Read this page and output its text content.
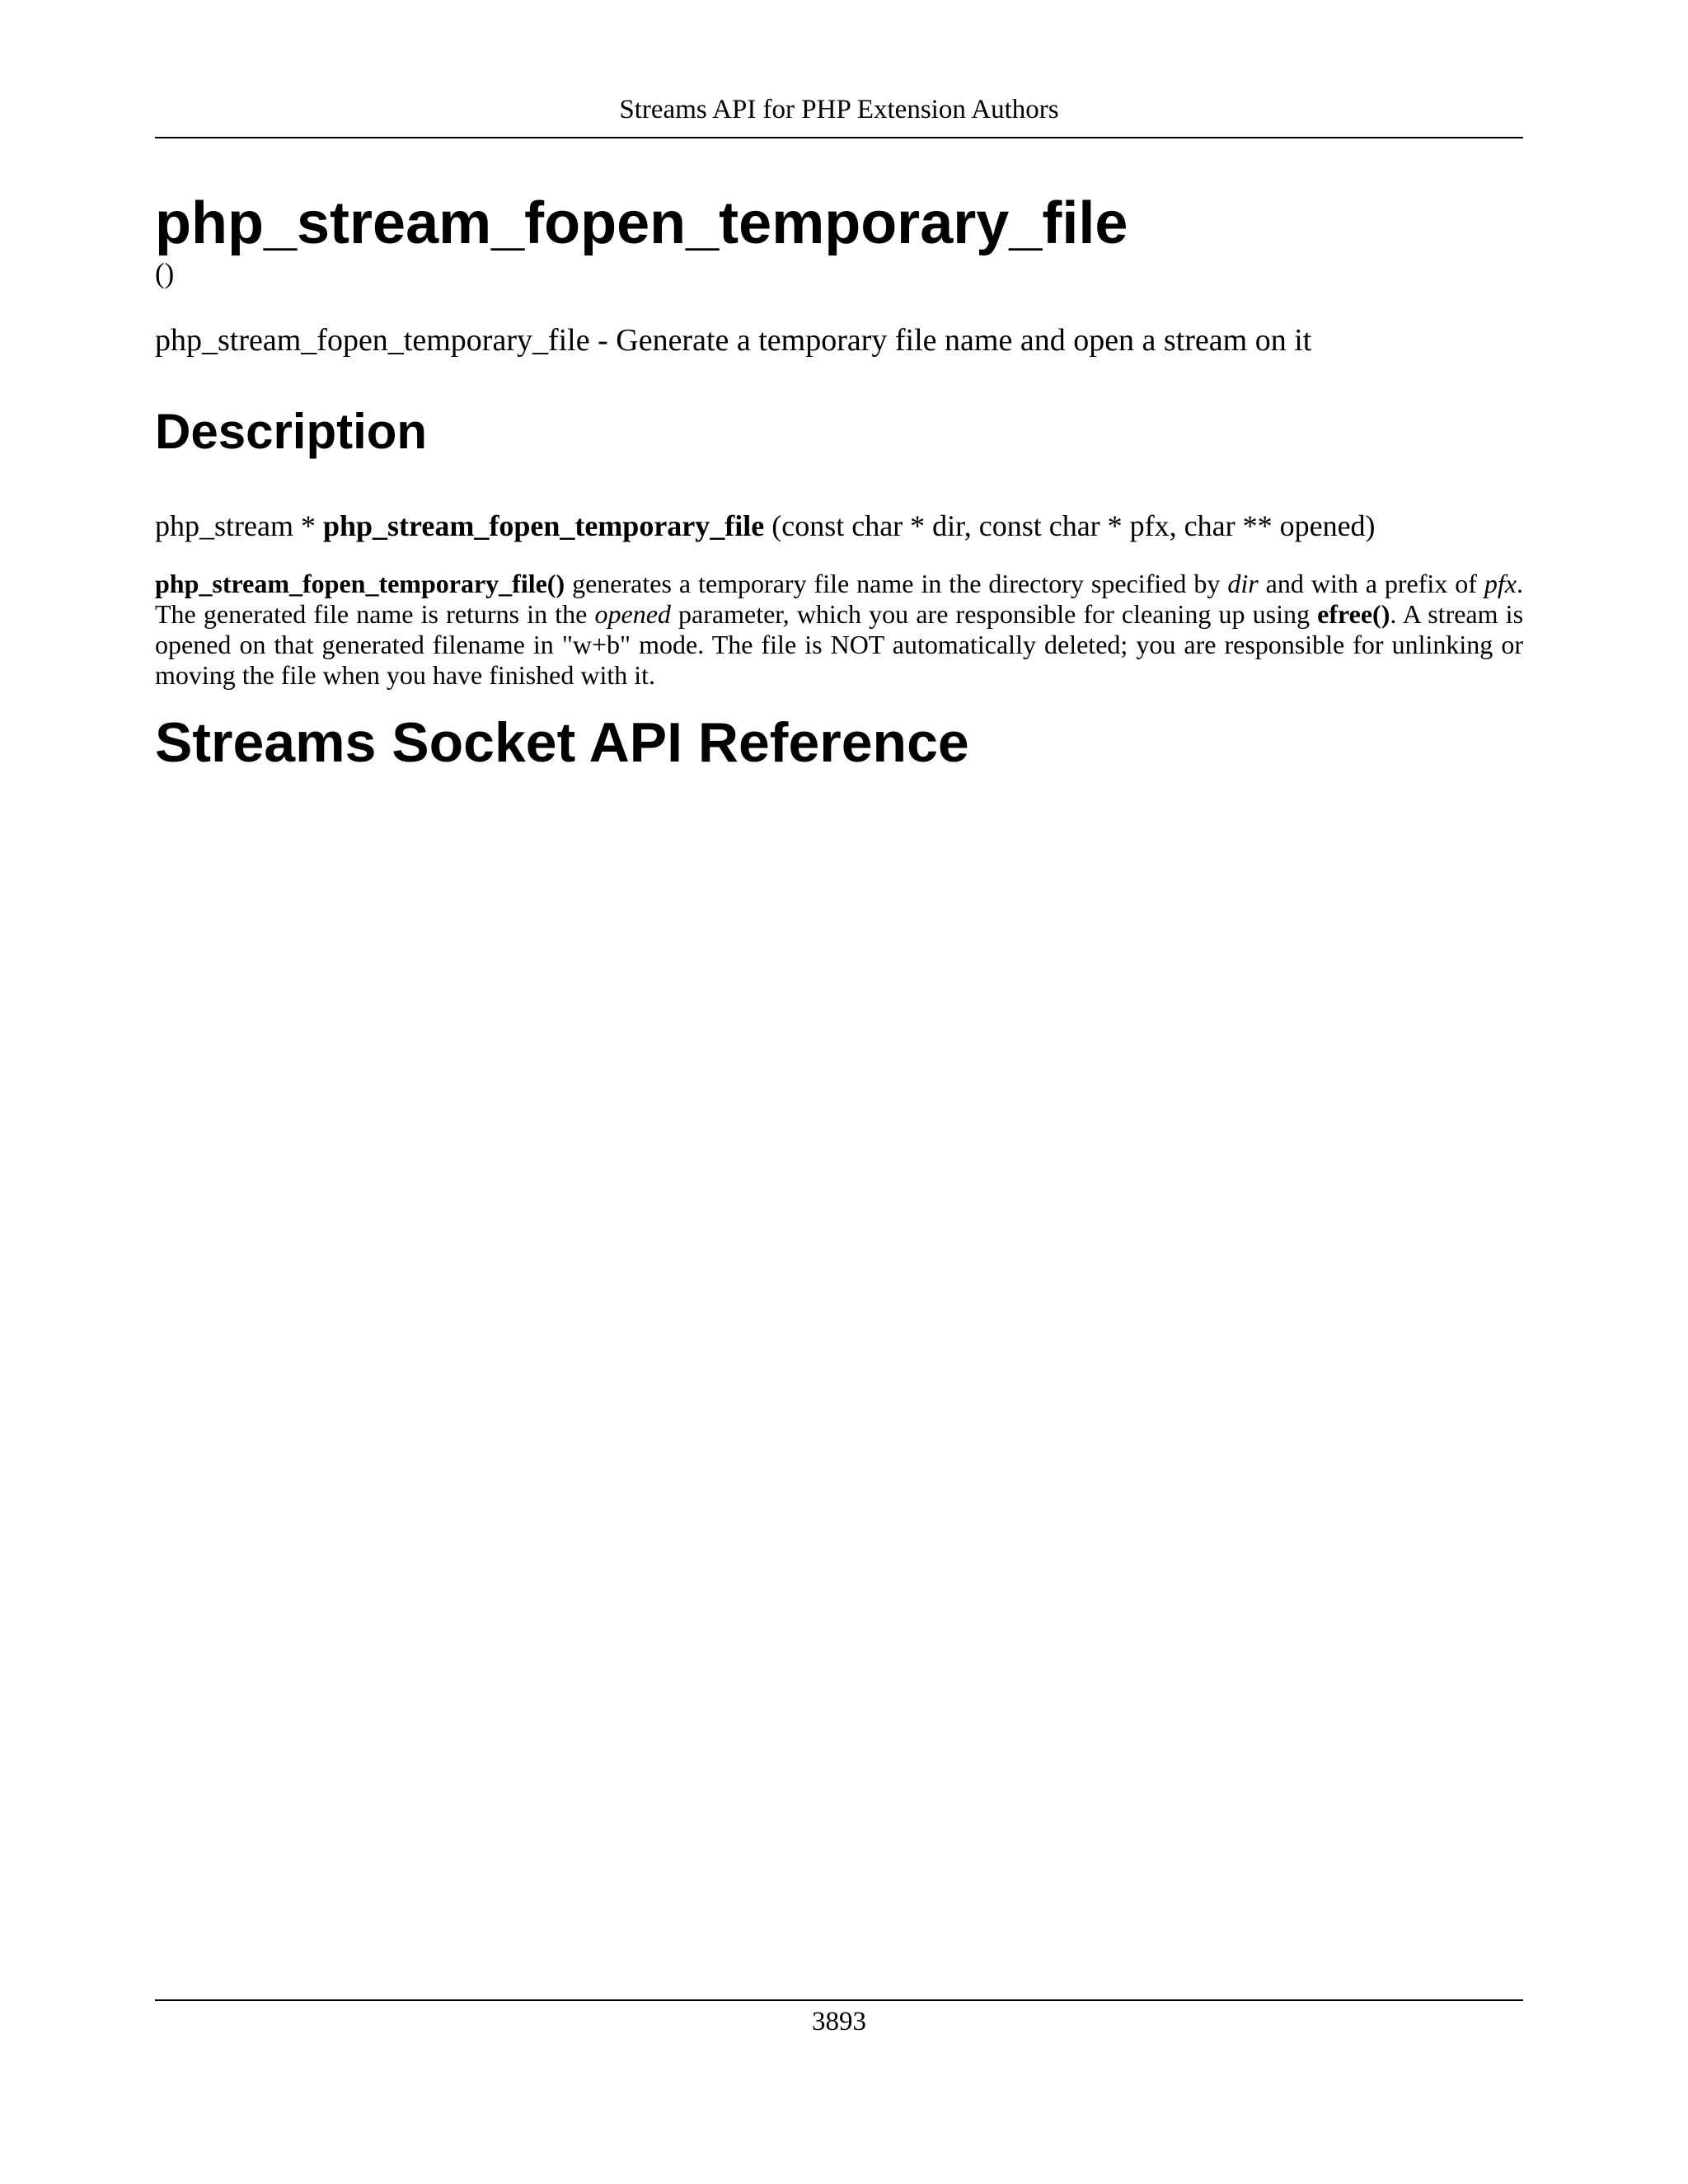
Streams API for PHP Extension Authors
php_stream_fopen_temporary_file
()
php_stream_fopen_temporary_file - Generate a temporary file name and open a stream on it
Description
php_stream * php_stream_fopen_temporary_file (const char * dir, const char * pfx, char ** opened)

php_stream_fopen_temporary_file() generates a temporary file name in the directory specified by dir and with a prefix of pfx. The generated file name is returns in the opened parameter, which you are responsible for cleaning up using efree(). A stream is opened on that generated filename in "w+b" mode. The file is NOT automatically deleted; you are responsible for unlinking or moving the file when you have finished with it.

Streams Socket API Reference
3893
